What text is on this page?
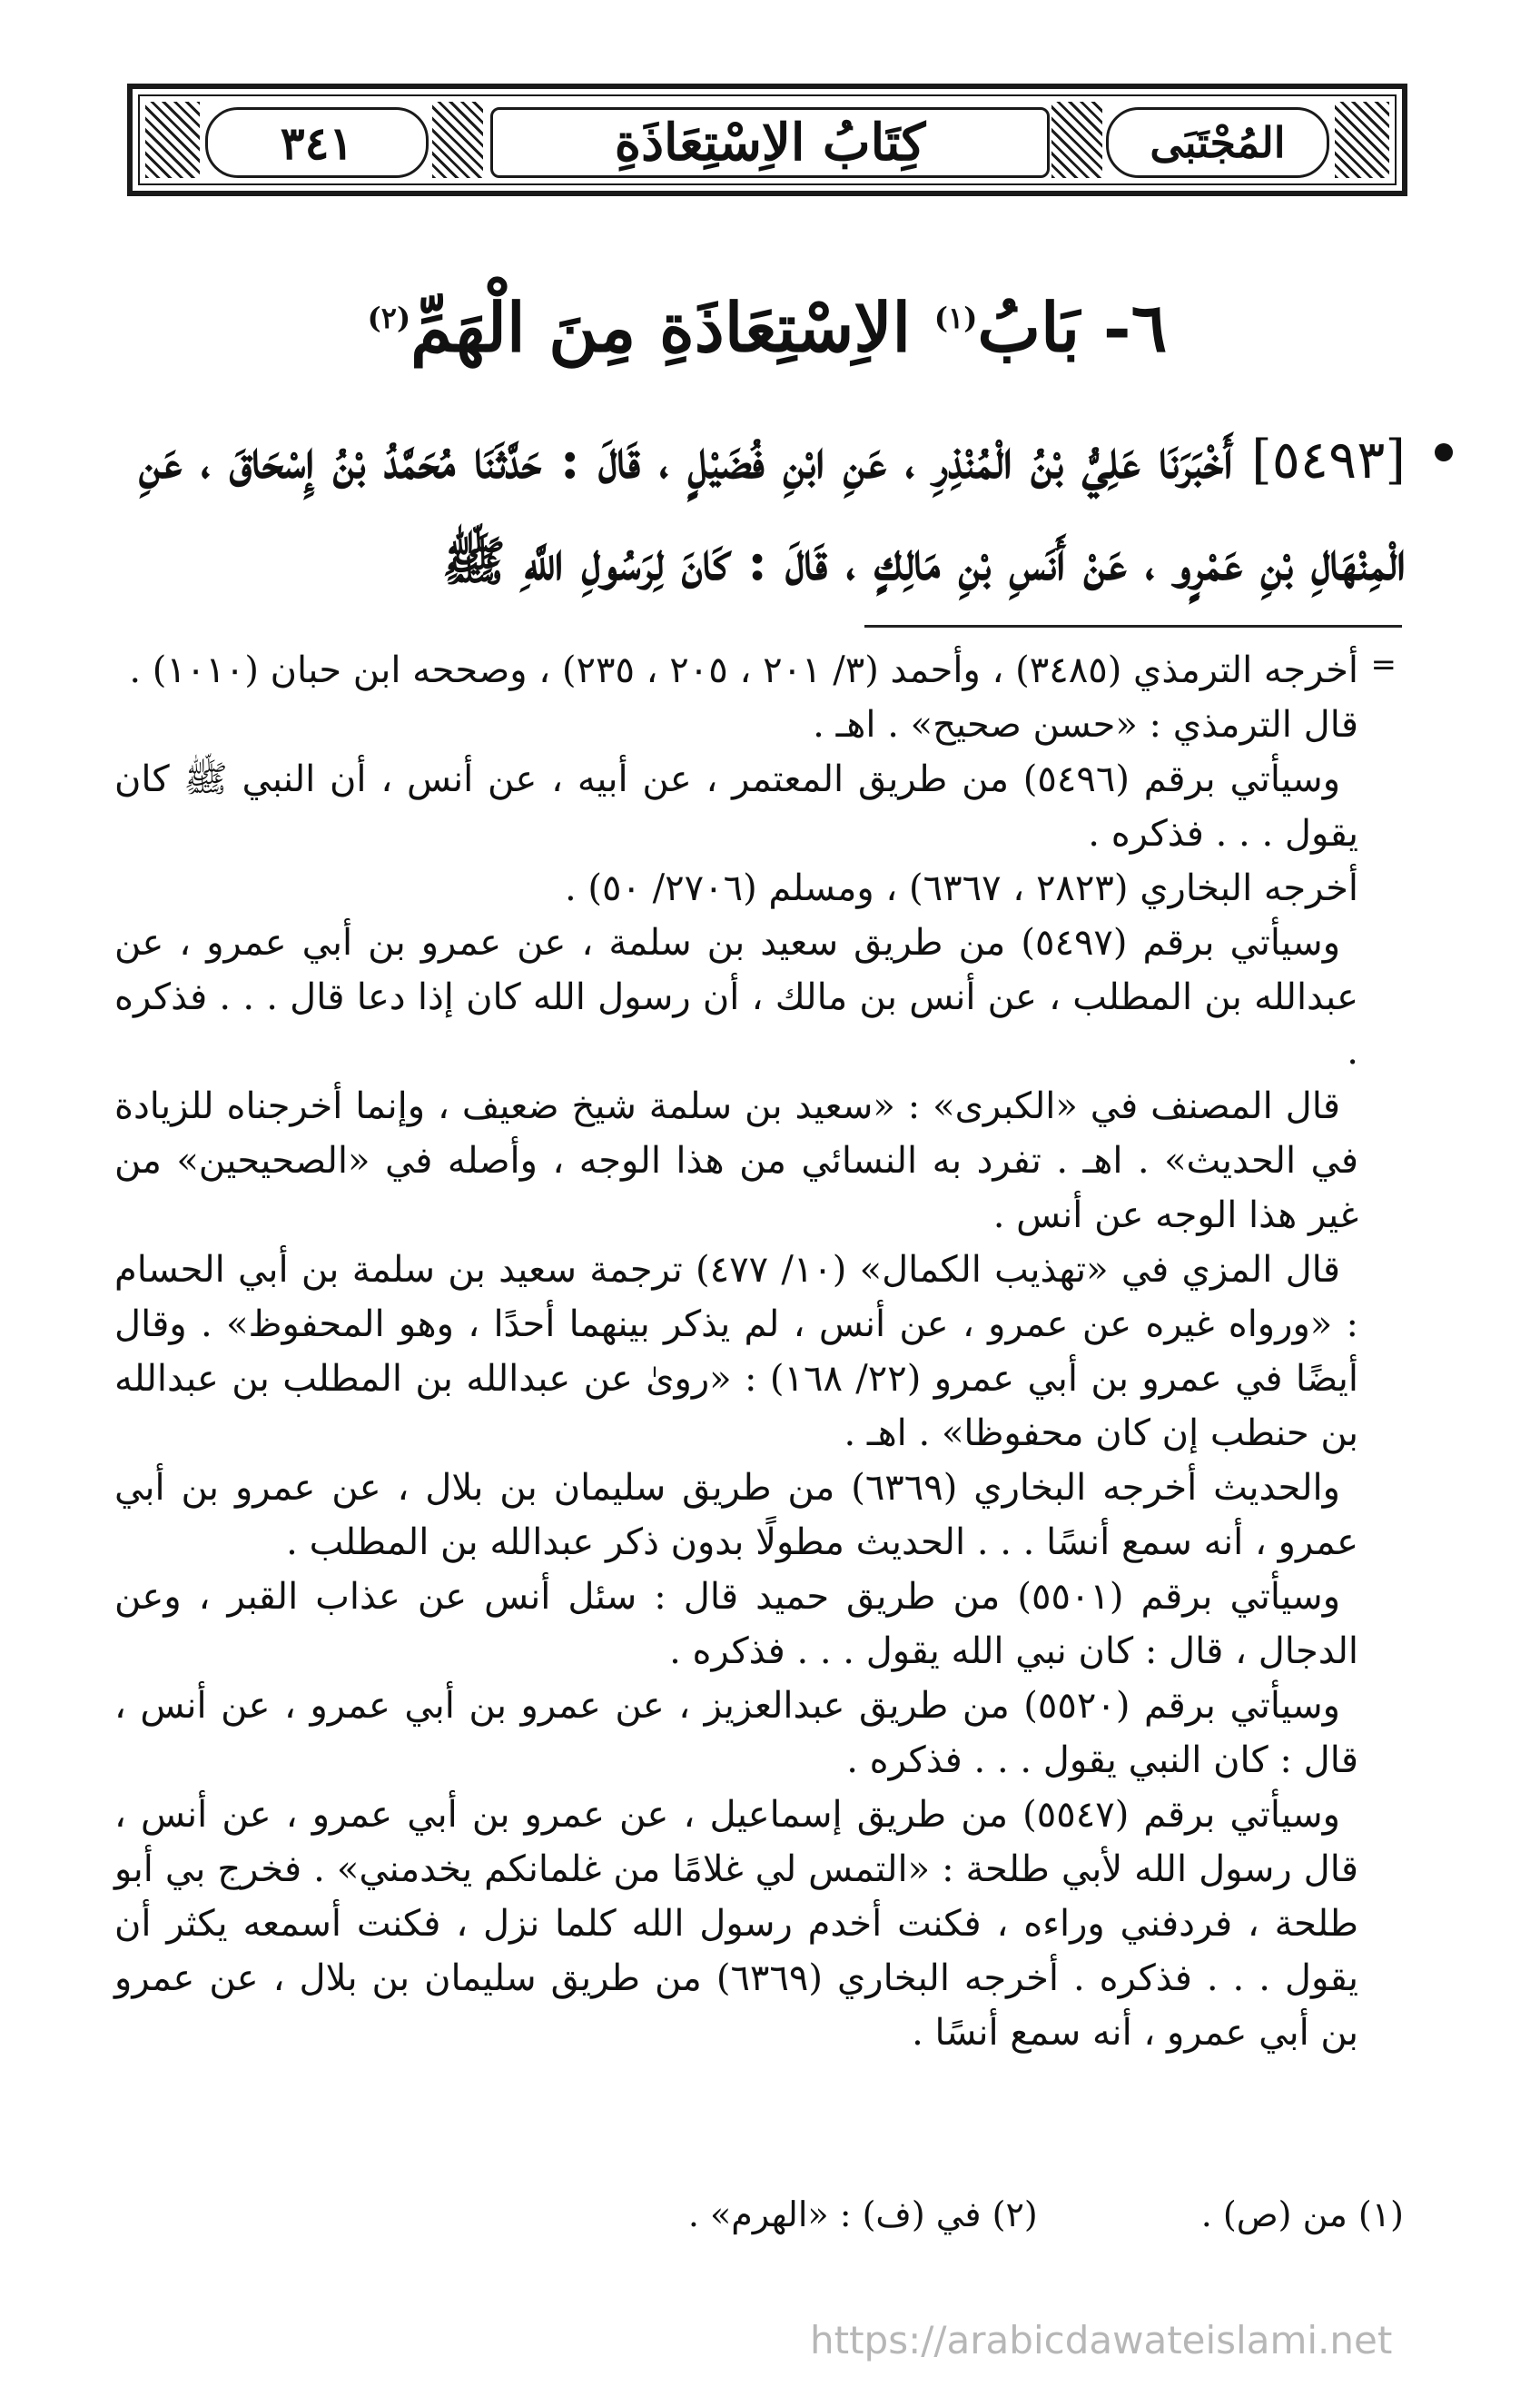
المُجْتَبَى
كِتَابُ الاِسْتِعَاذَةِ
٣٤١
٦- بَابُ$^{(١)}$ الاِسْتِعَاذَةِ مِنَ الْهَمِّ$^{(٢)}$
[٥٤٩٣] أَخْبَرَنَا عَلِيُّ بْنُ الْمُنْذِرِ ، عَنِ ابْنِ فُضَيْلٍ ، قَالَ : حَدَّثَنَا مُحَمَّدُ بْنُ إِسْحَاقَ ، عَنِ الْمِنْهَالِ بْنِ عَمْرٍو ، عَنْ أَنَسِ بْنِ مَالِكٍ ، قَالَ : كَانَ لِرَسُولِ اللَّهِ ﷺ
=

أخرجه الترمذي (٣٤٨٥) ، وأحمد (٣/ ٢٠١ ، ٢٠٥ ، ٢٣٥) ، وصححه ابن حبان (١٠١٠) .

قال الترمذي : «حسن صحيح» . اهـ .

وسيأتي برقم (٥٤٩٦) من طريق المعتمر ، عن أبيه ، عن أنس ، أن النبي ﷺ كان يقول . . . فذكره .

أخرجه البخاري (٢٨٢٣ ، ٦٣٦٧) ، ومسلم (٢٧٠٦/ ٥٠) .

وسيأتي برقم (٥٤٩٧) من طريق سعيد بن سلمة ، عن عمرو بن أبي عمرو ، عن عبدالله بن المطلب ، عن أنس بن مالك ، أن رسول الله كان إذا دعا قال . . . فذكره .

قال المصنف في «الكبرى» : «سعيد بن سلمة شيخ ضعيف ، وإنما أخرجناه للزيادة في الحديث» . اهـ . تفرد به النسائي من هذا الوجه ، وأصله في «الصحيحين» من غير هذا الوجه عن أنس .

قال المزي في «تهذيب الكمال» (١٠/ ٤٧٧) ترجمة سعيد بن سلمة بن أبي الحسام : «ورواه غيره عن عمرو ، عن أنس ، لم يذكر بينهما أحدًا ، وهو المحفوظ» . وقال أيضًا في عمرو بن أبي عمرو (٢٢/ ١٦٨) : «روىٰ عن عبدالله بن المطلب بن عبدالله بن حنطب إن كان محفوظا» . اهـ .

والحديث أخرجه البخاري (٦٣٦٩) من طريق سليمان بن بلال ، عن عمرو بن أبي عمرو ، أنه سمع أنسًا . . . الحديث مطولًا بدون ذكر عبدالله بن المطلب .

وسيأتي برقم (٥٥٠١) من طريق حميد قال : سئل أنس عن عذاب القبر ، وعن الدجال ، قال : كان نبي الله يقول . . . فذكره .

وسيأتي برقم (٥٥٢٠) من طريق عبدالعزيز ، عن عمرو بن أبي عمرو ، عن أنس ، قال : كان النبي يقول . . . فذكره .

وسيأتي برقم (٥٥٤٧) من طريق إسماعيل ، عن عمرو بن أبي عمرو ، عن أنس ، قال رسول الله لأبي طلحة : «التمس لي غلامًا من غلمانكم يخدمني» . فخرج بي أبو طلحة ، فردفني وراءه ، فكنت أخدم رسول الله كلما نزل ، فكنت أسمعه يكثر أن يقول . . . فذكره . أخرجه البخاري (٦٣٦٩) من طريق سليمان بن بلال ، عن عمرو بن أبي عمرو ، أنه سمع أنسًا .

(١) من (ص) .
(٢) في (ف) : «الهرم» .
https://arabicdawateislami.net
